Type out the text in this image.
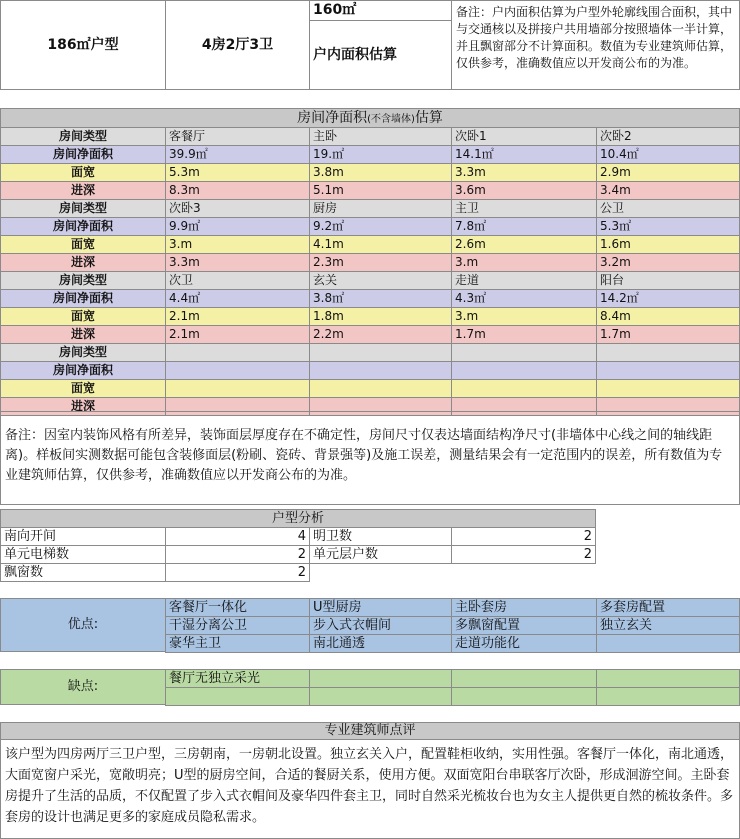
186㎡户型	4房2厅3卫
160㎡
户内面积估算
备注：户内面积估算为户型外轮廓线围合面积，其中与交通核以及拼接户共用墙部分按照墙体一半计算，并且飘窗部分不计算面积。数值为专业建筑师估算，仅供参考，准确数值应以开发商公布的为准。
房间净面积(不含墙体)估算
房间类型	客餐厅	主卧	次卧1	次卧2
房间净面积	39.9㎡	19.㎡	14.1㎡	10.4㎡
面宽	5.3m	3.8m	3.3m	2.9m
进深	8.3m	5.1m	3.6m	3.4m
房间类型	次卧3	厨房	主卫	公卫
房间净面积	9.9㎡	9.2㎡	7.8㎡	5.3㎡
面宽	3.m	4.1m	2.6m	1.6m
进深	3.3m	2.3m	3.m	3.2m
房间类型	次卫	玄关	走道	阳台
房间净面积	4.4㎡	3.8㎡	4.3㎡	14.2㎡
面宽	2.1m	1.8m	3.m	8.4m
进深	2.1m	2.2m	1.7m	1.7m
房间类型
房间净面积
面宽
进深
备注：因室内装饰风格有所差异，装饰面层厚度存在不确定性，房间尺寸仅表达墙面结构净尺寸(非墙体中心线之间的轴线距离)。样板间实测数据可能包含装修面层(粉刷、瓷砖、背景强等)及施工误差，测量结果会有一定范围内的误差，所有数值为专业建筑师估算，仅供参考，准确数值应以开发商公布的为准。
户型分析
南向开间	4 明卫数	2
单元电梯数	2 单元层户数	2
飘窗数	2
优点:
客餐厅一体化	U型厨房	主卧套房	多套房配置
干湿分离公卫	步入式衣帽间	多飘窗配置	独立玄关
豪华主卫	南北通透	走道功能化
缺点:
餐厅无独立采光
专业建筑师点评
该户型为四房两厅三卫户型，三房朝南，一房朝北设置。独立玄关入户，配置鞋柜收纳，实用性强。客餐厅一体化，南北通透，大面宽窗户采光，宽敞明亮；U型的厨房空间，合适的餐厨关系，使用方便。双面宽阳台串联客厅次卧，形成洄游空间。主卧套房提升了生活的品质，不仅配置了步入式衣帽间及豪华四件套主卫，同时自然采光梳妆台也为女主人提供更自然的梳妆条件。多套房的设计也满足更多的家庭成员隐私需求。
